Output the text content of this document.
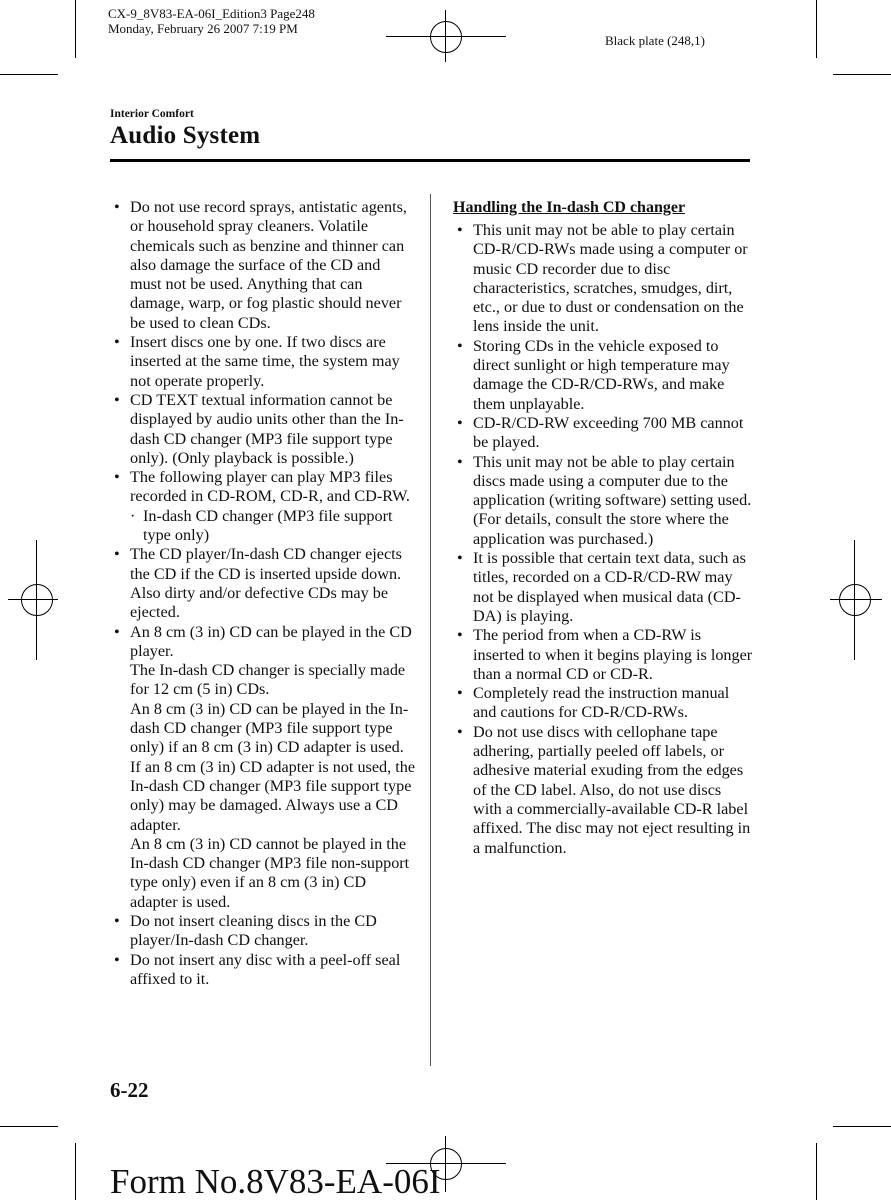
CX-9_8V83-EA-06I_Edition3 Page248
Monday, February 26 2007 7:19 PM
Black plate (248,1)
Interior Comfort
Audio System
• Do not use record sprays, antistatic agents, or household spray cleaners. Volatile chemicals such as benzine and thinner can also damage the surface of the CD and must not be used. Anything that can damage, warp, or fog plastic should never be used to clean CDs.
• Insert discs one by one. If two discs are inserted at the same time, the system may not operate properly.
• CD TEXT textual information cannot be displayed by audio units other than the In-dash CD changer (MP3 file support type only). (Only playback is possible.)
• The following player can play MP3 files recorded in CD-ROM, CD-R, and CD-RW.
· In-dash CD changer (MP3 file support type only)
• The CD player/In-dash CD changer ejects the CD if the CD is inserted upside down. Also dirty and/or defective CDs may be ejected.
• An 8 cm (3 in) CD can be played in the CD player.
The In-dash CD changer is specially made for 12 cm (5 in) CDs.
An 8 cm (3 in) CD can be played in the In-dash CD changer (MP3 file support type only) if an 8 cm (3 in) CD adapter is used.
If an 8 cm (3 in) CD adapter is not used, the In-dash CD changer (MP3 file support type only) may be damaged. Always use a CD adapter.
An 8 cm (3 in) CD cannot be played in the In-dash CD changer (MP3 file non-support type only) even if an 8 cm (3 in) CD adapter is used.
• Do not insert cleaning discs in the CD player/In-dash CD changer.
• Do not insert any disc with a peel-off seal affixed to it.
Handling the In-dash CD changer
• This unit may not be able to play certain CD-R/CD-RWs made using a computer or music CD recorder due to disc characteristics, scratches, smudges, dirt, etc., or due to dust or condensation on the lens inside the unit.
• Storing CDs in the vehicle exposed to direct sunlight or high temperature may damage the CD-R/CD-RWs, and make them unplayable.
• CD-R/CD-RW exceeding 700 MB cannot be played.
• This unit may not be able to play certain discs made using a computer due to the application (writing software) setting used. (For details, consult the store where the application was purchased.)
• It is possible that certain text data, such as titles, recorded on a CD-R/CD-RW may not be displayed when musical data (CD-DA) is playing.
• The period from when a CD-RW is inserted to when it begins playing is longer than a normal CD or CD-R.
• Completely read the instruction manual and cautions for CD-R/CD-RWs.
• Do not use discs with cellophane tape adhering, partially peeled off labels, or adhesive material exuding from the edges of the CD label. Also, do not use discs with a commercially-available CD-R label affixed. The disc may not eject resulting in a malfunction.
6-22
Form No.8V83-EA-06I
